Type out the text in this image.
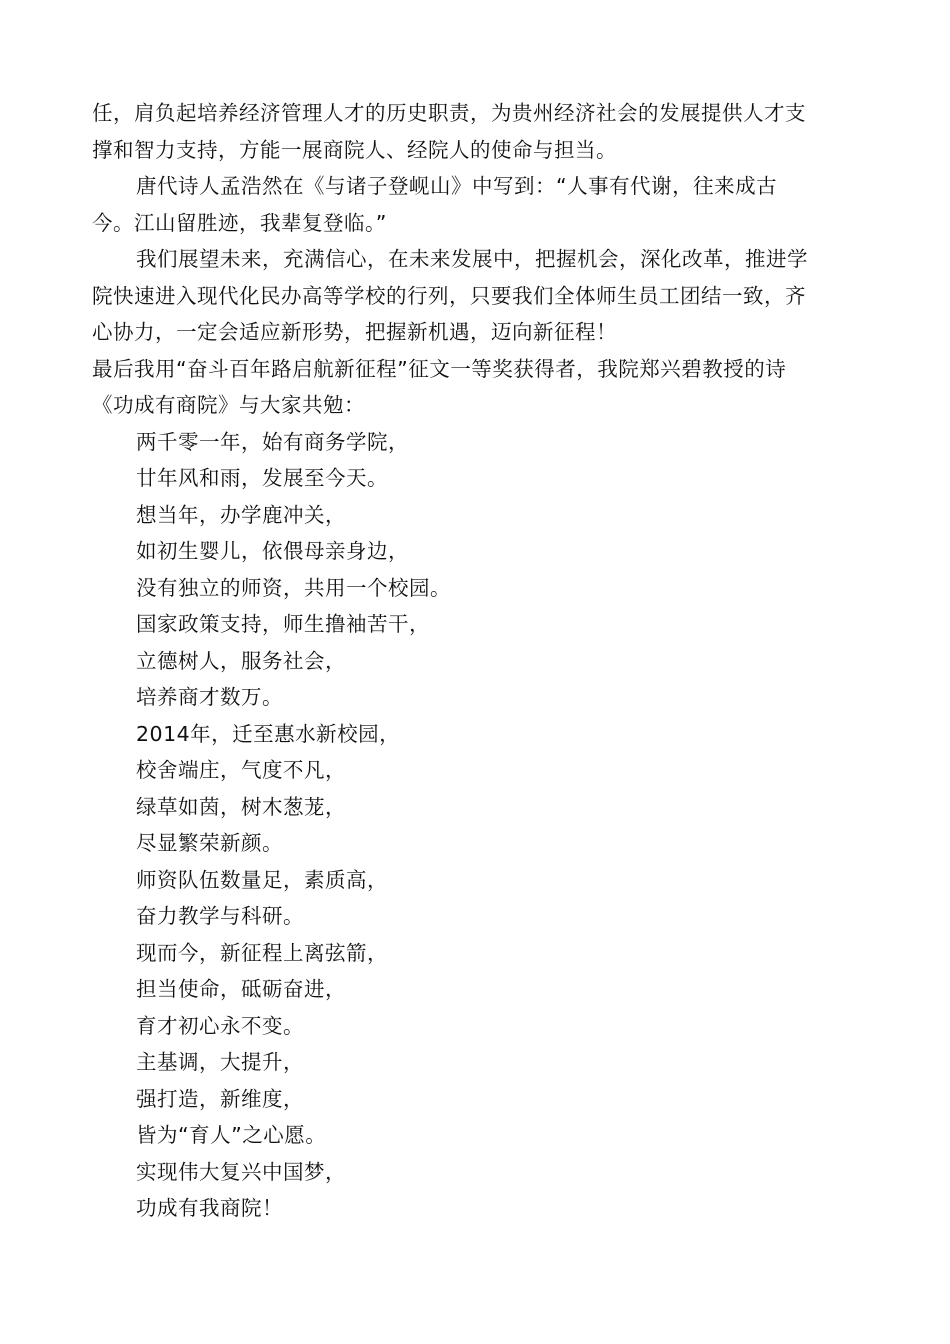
任，肩负起培养经济管理人才的历史职责，为贵州经济社会的发展提供人才支
撑和智力支持，方能一展商院人、经院人的使命与担当。
唐代诗人孟浩然在《与诸子登岘山》中写到：“人事有代谢，往来成古
今。江山留胜迹，我辈复登临。”
我们展望未来，充满信心，在未来发展中，把握机会，深化改革，推进学
院快速进入现代化民办高等学校的行列，只要我们全体师生员工团结一致，齐
心协力，一定会适应新形势，把握新机遇，迈向新征程！
最后我用“奋斗百年路启航新征程”征文一等奖获得者，我院郑兴碧教授的诗
《功成有商院》与大家共勉：
两千零一年，始有商务学院，
廿年风和雨，发展至今天。
想当年，办学鹿冲关，
如初生婴儿，依偎母亲身边，
没有独立的师资，共用一个校园。
国家政策支持，师生撸袖苦干，
立德树人，服务社会，
培养商才数万。
2014年，迁至惠水新校园，
校舍端庄，气度不凡，
绿草如茵，树木葱茏，
尽显繁荣新颜。
师资队伍数量足，素质高，
奋力教学与科研。
现而今，新征程上离弦箭，
担当使命，砥砺奋进，
育才初心永不变。
主基调，大提升，
强打造，新维度，
皆为“育人”之心愿。
实现伟大复兴中国梦，
功成有我商院！
